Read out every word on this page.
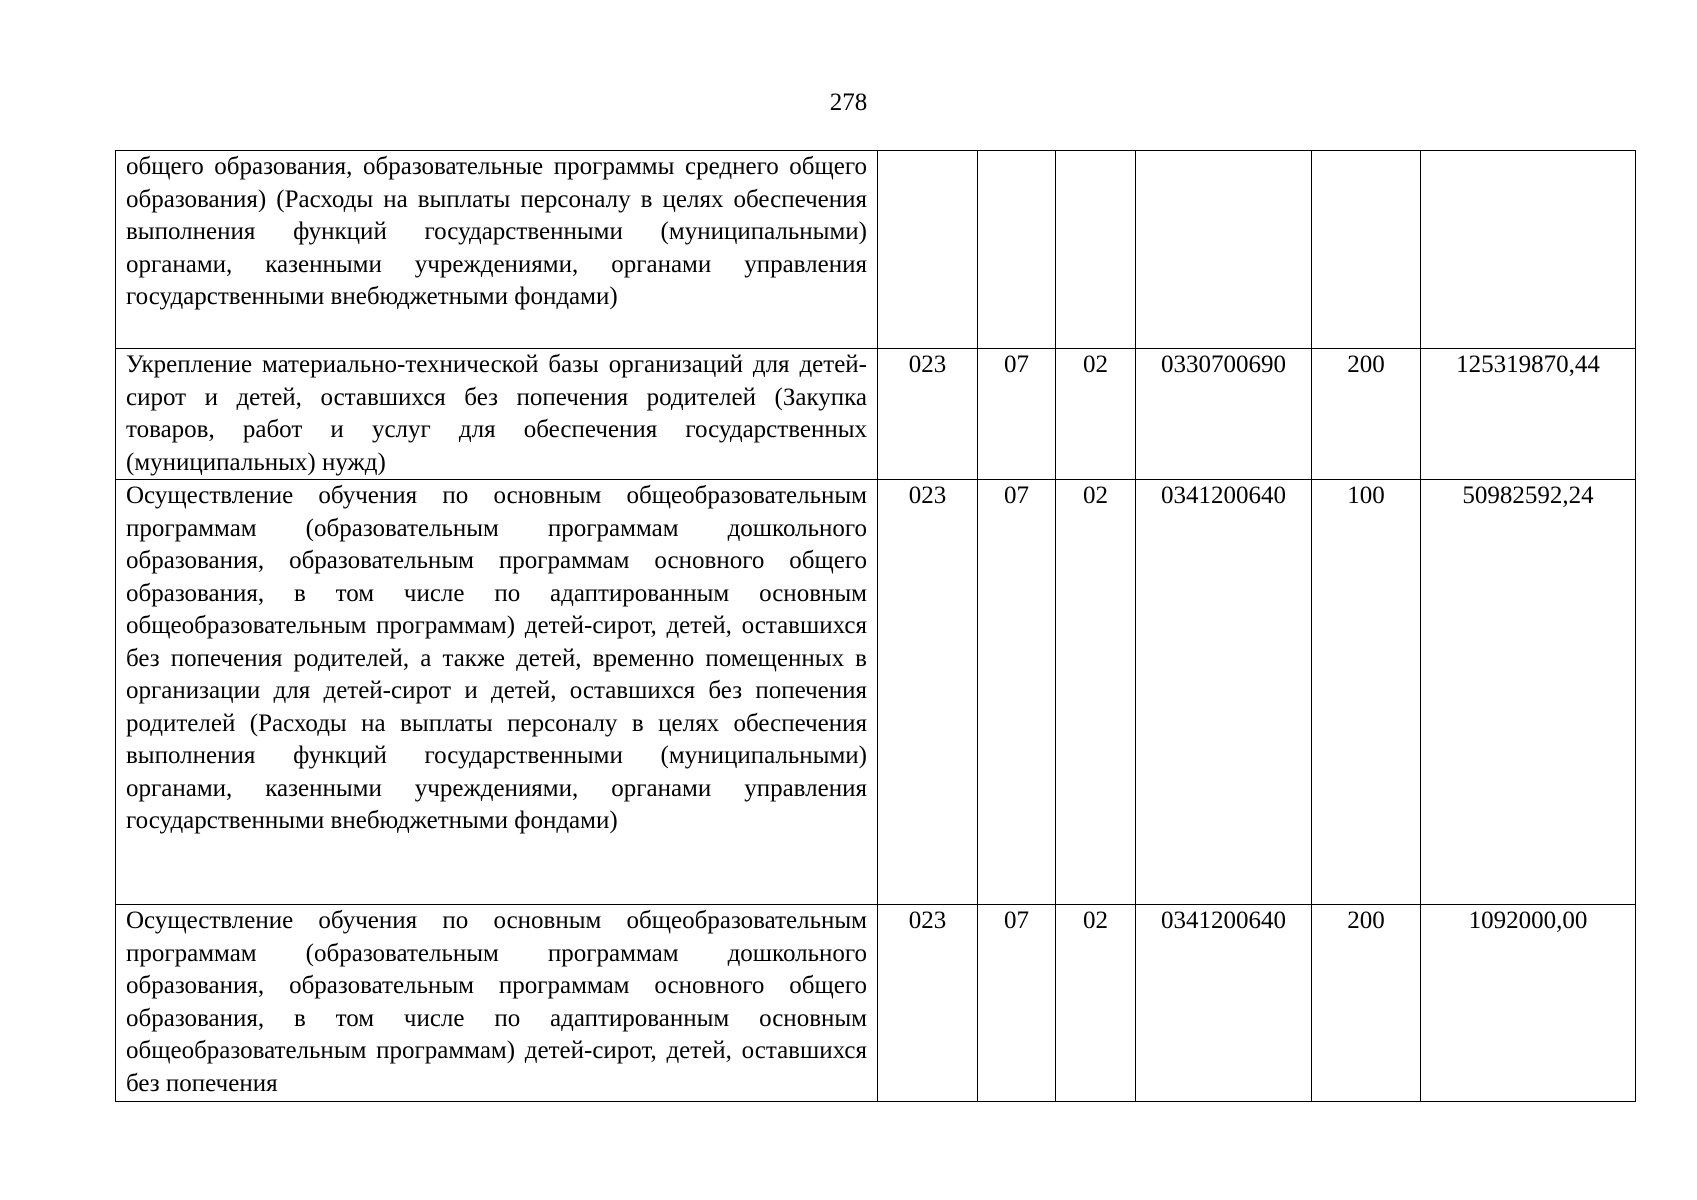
278
общего образования, образовательные программы среднего общего образования) (Расходы на выплаты персоналу в целях обеспечения выполнения функций государственными (муниципальными) органами, казенными учреждениями, органами управления государственными внебюджетными фондами)						
Укрепление материально-технической базы организаций для детей-сирот и детей, оставшихся без попечения родителей (Закупка товаров, работ и услуг для обеспечения государственных (муниципальных) нужд)	023	07	02	0330700690	200	125319870,44
Осуществление обучения по основным общеобразовательным программам (образовательным программам дошкольного образования, образовательным программам основного общего образования, в том числе по адаптированным основным общеобразовательным программам) детей-сирот, детей, оставшихся без попечения родителей, а также детей, временно помещенных в организации для детей-сирот и детей, оставшихся без попечения родителей (Расходы на выплаты персоналу в целях обеспечения выполнения функций государственными (муниципальными) органами, казенными учреждениями, органами управления государственными внебюджетными фондами)	023	07	02	0341200640	100	50982592,24
Осуществление обучения по основным общеобразовательным программам (образовательным программам дошкольного образования, образовательным программам основного общего образования, в том числе по адаптированным основным общеобразовательным программам) детей-сирот, детей, оставшихся без попечения	023	07	02	0341200640	200	1092000,00
